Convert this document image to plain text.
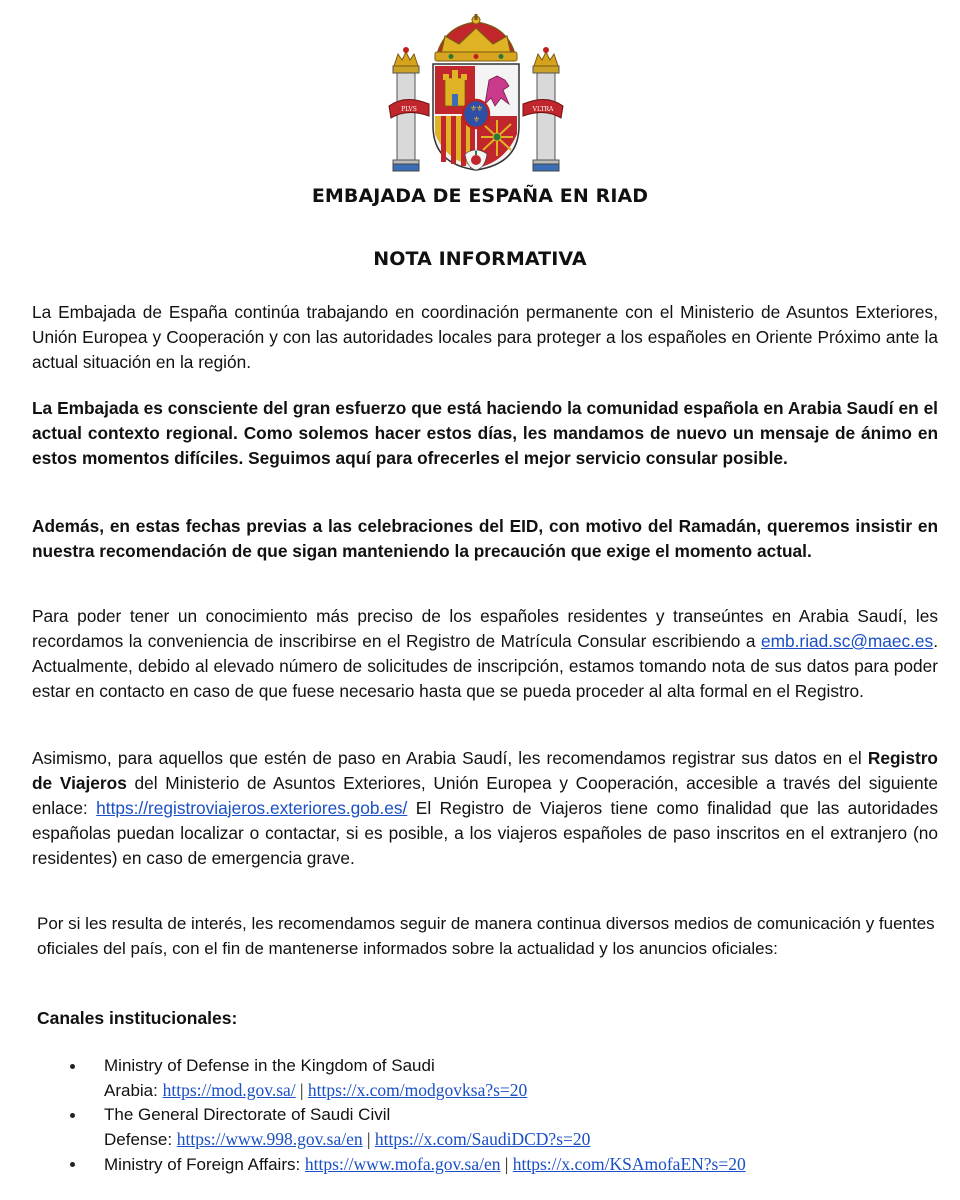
PLVS	VLTRA
⚜
⚜
⚜
EMBAJADA DE ESPAÑA EN RIAD
NOTA INFORMATIVA

La Embajada de España continúa trabajando en coordinación permanente con el Ministerio de Asuntos Exteriores, Unión Europea y Cooperación y con las autoridades locales para proteger a los españoles en Oriente Próximo ante la actual situación en la región.

La Embajada es consciente del gran esfuerzo que está haciendo la comunidad española en Arabia Saudí en el actual contexto regional. Como solemos hacer estos días, les mandamos de nuevo un mensaje de ánimo en estos momentos difíciles. Seguimos aquí para ofrecerles el mejor servicio consular posible.

Además, en estas fechas previas a las celebraciones del EID, con motivo del Ramadán, queremos insistir en nuestra recomendación de que sigan manteniendo la precaución que exige el momento actual.

Para poder tener un conocimiento más preciso de los españoles residentes y transeúntes en Arabia Saudí, les recordamos la conveniencia de inscribirse en el Registro de Matrícula Consular escribiendo a emb.riad.sc@maec.es. Actualmente, debido al elevado número de solicitudes de inscripción, estamos tomando nota de sus datos para poder estar en contacto en caso de que fuese necesario hasta que se pueda proceder al alta formal en el Registro.

Asimismo, para aquellos que estén de paso en Arabia Saudí, les recomendamos registrar sus datos en el Registro de Viajeros del Ministerio de Asuntos Exteriores, Unión Europea y Cooperación, accesible a través del siguiente enlace: https://registroviajeros.exteriores.gob.es/ El Registro de Viajeros tiene como finalidad que las autoridades españolas puedan localizar o contactar, si es posible, a los viajeros españoles de paso inscritos en el extranjero (no residentes) en caso de emergencia grave.

Por si les resulta de interés, les recomendamos seguir de manera continua diversos medios de comunicación y fuentes oficiales del país, con el fin de mantenerse informados sobre la actualidad y los anuncios oficiales:

Canales institucionales:
Ministry of Defense in the Kingdom of Saudi
Arabia: https://mod.gov.sa/ | https://x.com/modgovksa?s=20
The General Directorate of Saudi Civil
Defense: https://www.998.gov.sa/en | https://x.com/SaudiDCD?s=20
Ministry of Foreign Affairs: https://www.mofa.gov.sa/en | https://x.com/KSAmofaEN?s=20
